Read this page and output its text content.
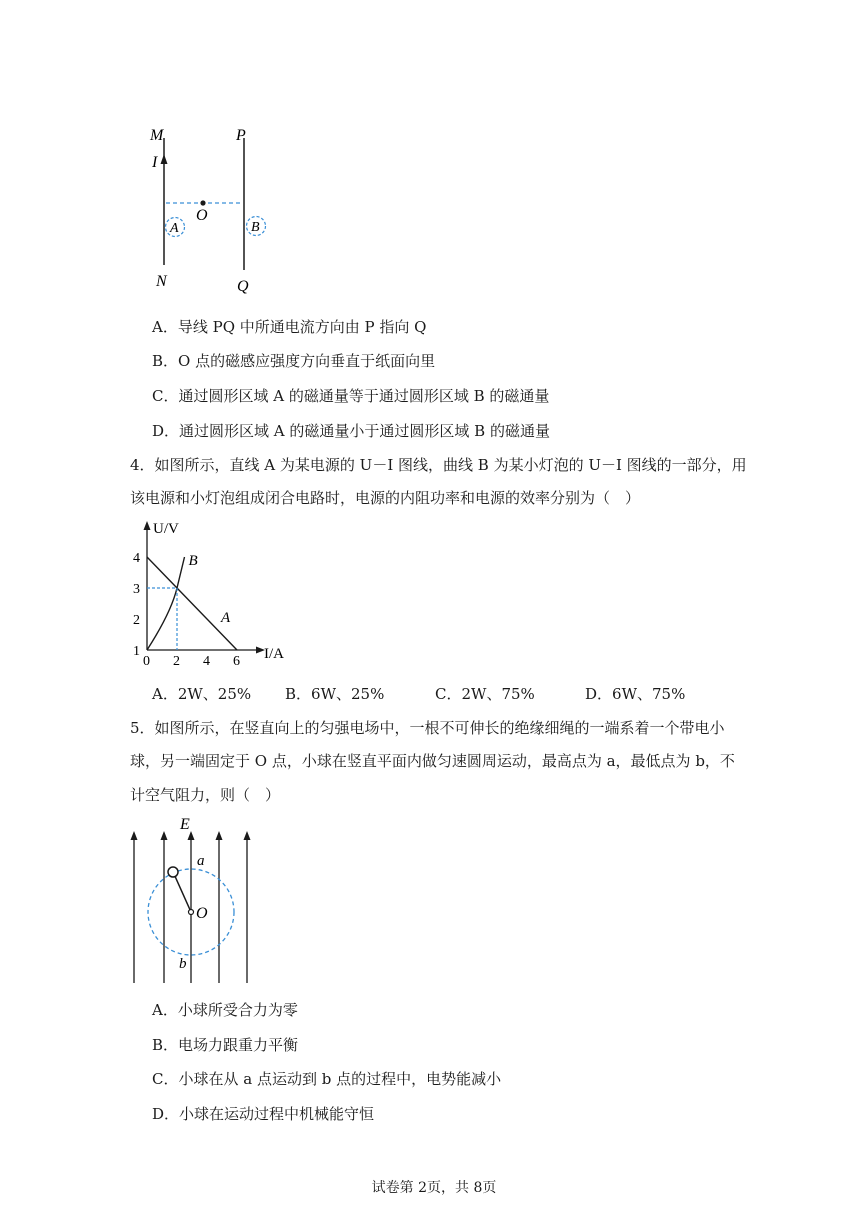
M
I
P
O
A	B
N	Q
A．导线 PQ 中所通电流方向由 P 指向 Q
B．O 点的磁感应强度方向垂直于纸面向里
C．通过圆形区域 A 的磁通量等于通过圆形区域 B 的磁通量
D．通过圆形区域 A 的磁通量小于通过圆形区域 B 的磁通量
4．如图所示，直线 A 为某电源的 U－I 图线，曲线 B 为某小灯泡的 U－I 图线的一部分，用
该电源和小灯泡组成闭合电路时，电源的内阻功率和电源的效率分别为（　）
0 2 4 6
1
2
3
4
A
B
U/V
I/A
A．2W、25% B．6W、25%	C．2W、75%	D．6W、75%
5．如图所示，在竖直向上的匀强电场中，一根不可伸长的绝缘细绳的一端系着一个带电小
球，另一端固定于 O 点，小球在竖直平面内做匀速圆周运动，最高点为 a，最低点为 b，不
计空气阻力，则（　）
E
a
O
b
A．小球所受合力为零
B．电场力跟重力平衡
C．小球在从 a 点运动到 b 点的过程中，电势能减小
D．小球在运动过程中机械能守恒
试卷第 2页，共 8页
